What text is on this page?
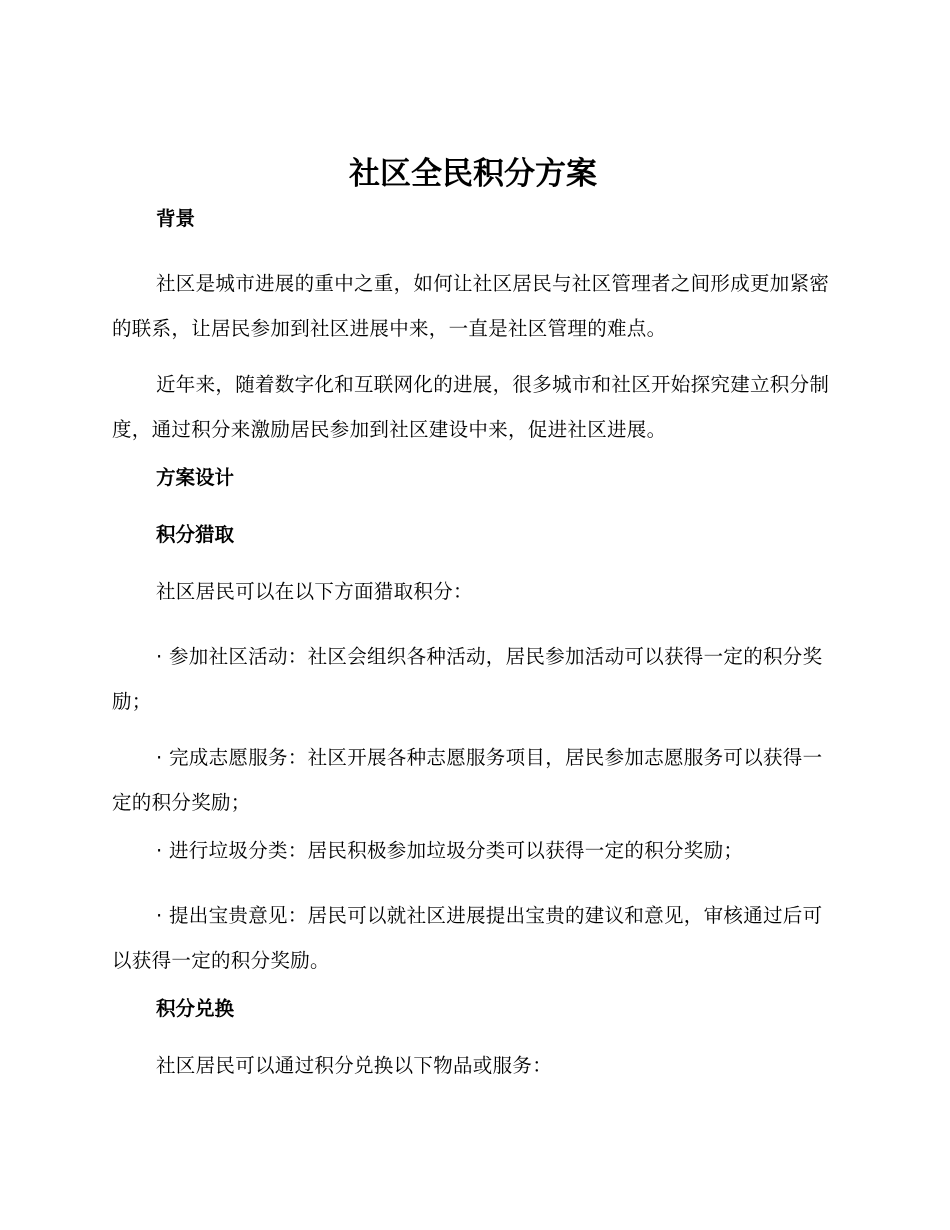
社区全民积分方案

背景

社区是城市进展的重中之重，如何让社区居民与社区管理者之间形成更加紧密的联系，让居民参加到社区进展中来，一直是社区管理的难点。

近年来，随着数字化和互联网化的进展，很多城市和社区开始探究建立积分制度，通过积分来激励居民参加到社区建设中来，促进社区进展。

方案设计

积分猎取

社区居民可以在以下方面猎取积分：

· 参加社区活动：社区会组织各种活动，居民参加活动可以获得一定的积分奖励；

· 完成志愿服务：社区开展各种志愿服务项目，居民参加志愿服务可以获得一定的积分奖励；

· 进行垃圾分类：居民积极参加垃圾分类可以获得一定的积分奖励；

· 提出宝贵意见：居民可以就社区进展提出宝贵的建议和意见，审核通过后可以获得一定的积分奖励。

积分兑换

社区居民可以通过积分兑换以下物品或服务：
